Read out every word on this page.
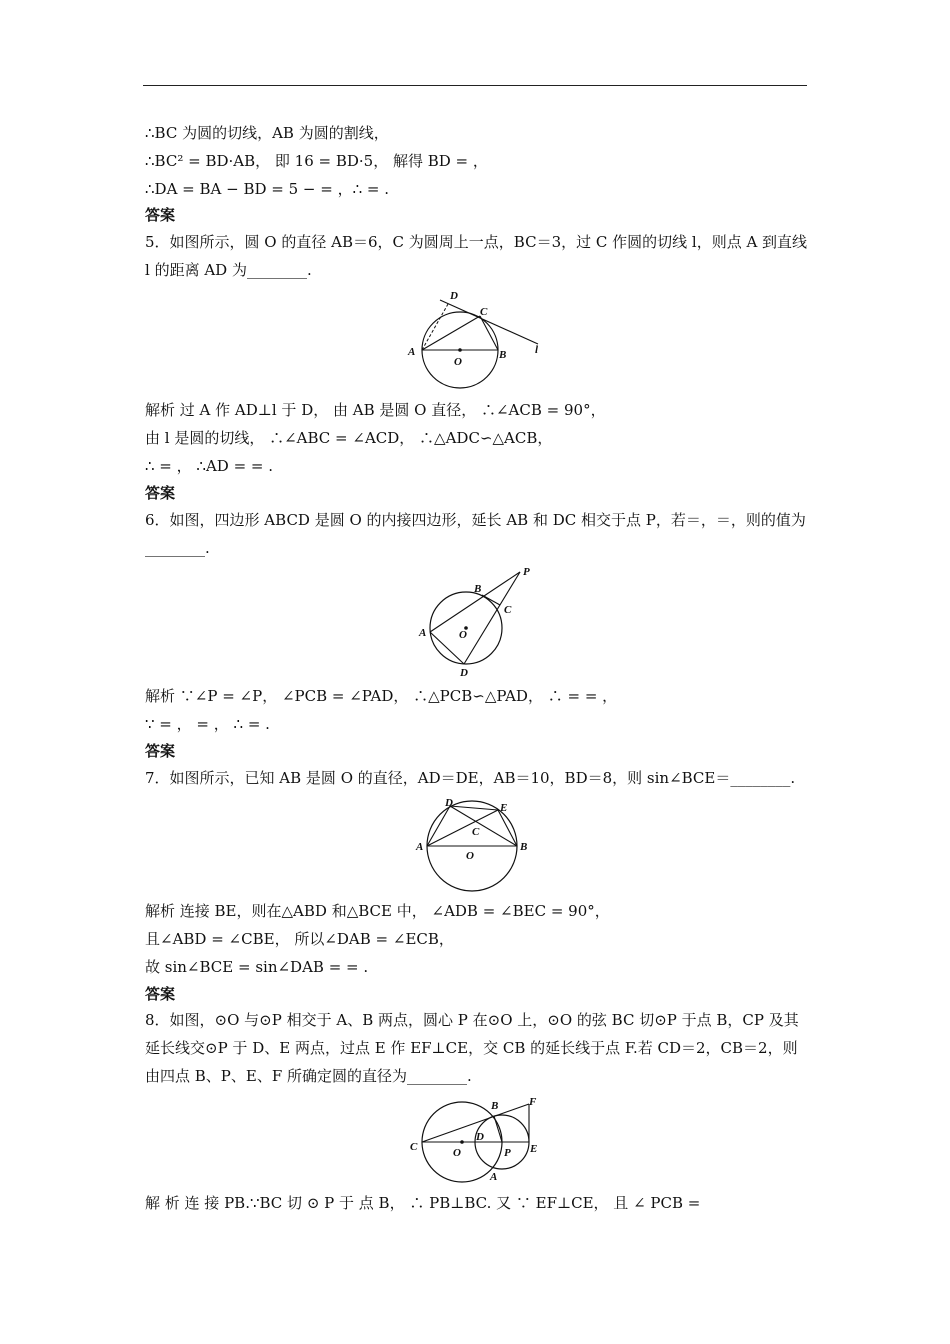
∴BC 为圆的切线，AB 为圆的割线，
∴BC² = BD·AB， 即 16 = BD·5， 解得 BD = ，
∴DA = BA − BD = 5 − = ，∴ = .
答案
5．如图所示，圆 O 的直径 AB＝6，C 为圆周上一点，BC＝3，过 C 作圆的切线 l，则点 A 到直线
l 的距离 AD 为________.
D
C
A
O
B	l
解析 过 A 作 AD⊥l 于 D， 由 AB 是圆 O 直径， ∴∠ACB = 90°，
由 l 是圆的切线， ∴∠ABC = ∠ACD， ∴△ADC∽△ACB，
∴ = ， ∴AD = = .
答案
6．如图，四边形 ABCD 是圆 O 的内接四边形，延长 AB 和 DC 相交于点 P，若＝，＝，则的值为
________.
P
B
C
A	O
D
解析 ∵∠P = ∠P， ∠PCB = ∠PAD， ∴△PCB∽△PAD， ∴ = = ，
∵ = ， = ， ∴ = .
答案
7．如图所示，已知 AB 是圆 O 的直径，AD＝DE，AB＝10，BD＝8，则 sin∠BCE＝________.
D	E
C
A
O
B
解析 连接 BE，则在△ABD 和△BCE 中， ∠ADB = ∠BEC = 90°，
且∠ABD = ∠CBE， 所以∠DAB = ∠ECB，
故 sin∠BCE = sin∠DAB = = .
答案
8．如图，⊙O 与⊙P 相交于 A、B 两点，圆心 P 在⊙O 上，⊙O 的弦 BC 切⊙P 于点 B，CP 及其
延长线交⊙P 于 D、E 两点，过点 E 作 EF⊥CE，交 CB 的延长线于点 F.若 CD＝2，CB＝2，则
由四点 B、P、E、F 所确定圆的直径为________.
B	F
D
C	O	P E
A
解 析 连 接 PB.∵BC 切 ⊙ P 于 点 B， ∴ PB⊥BC. 又 ∵ EF⊥CE， 且 ∠ PCB =
